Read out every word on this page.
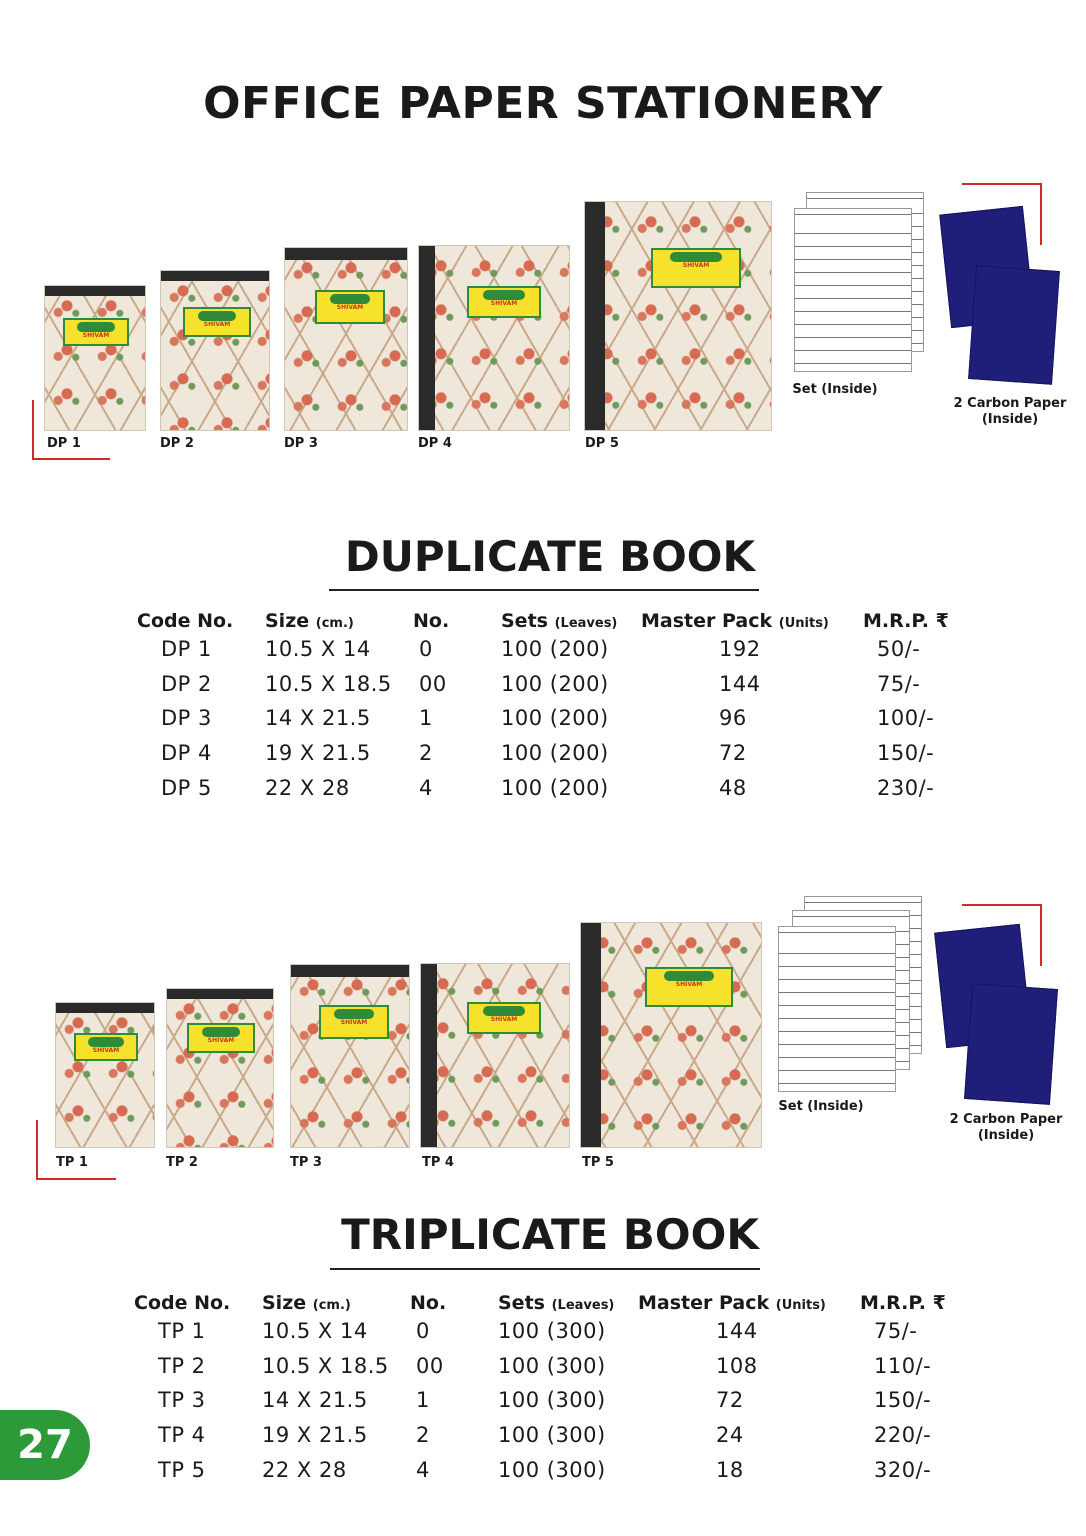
OFFICE PAPER STATIONERY
SHIVAM
SHIVAM
SHIVAM
SHIVAM
SHIVAM
DP 1	DP 2	DP 3	DP 4	DP 5
Set (Inside)
2 Carbon Paper
(Inside)
DUPLICATE BOOK
Code No.	Size (cm.)	No.	Sets (Leaves)	Master Pack (Units)	M.R.P. ₹
DP 1	10.5 X 14	0	100 (200)	192	50/-
DP 2	10.5 X 18.5	00	100 (200)	144	75/-
DP 3	14 X 21.5	1	100 (200)	96	100/-
DP 4	19 X 21.5	2	100 (200)	72	150/-
DP 5	22 X 28	4	100 (200)	48	230/-
SHIVAM
SHIVAM
SHIVAM	SHIVAM
SHIVAM
TP 1	TP 2	TP 3	TP 4	TP 5
Set (Inside)
2 Carbon Paper
(Inside)
TRIPLICATE BOOK
Code No.	Size (cm.)	No.	Sets (Leaves)	Master Pack (Units)	M.R.P. ₹
TP 1	10.5 X 14	0	100 (300)	144	75/-
TP 2	10.5 X 18.5	00	100 (300)	108	110/-
TP 3	14 X 21.5	1	100 (300)	72	150/-
TP 4	19 X 21.5	2	100 (300)	24	220/-
TP 5	22 X 28	4	100 (300)	18	320/-
27
